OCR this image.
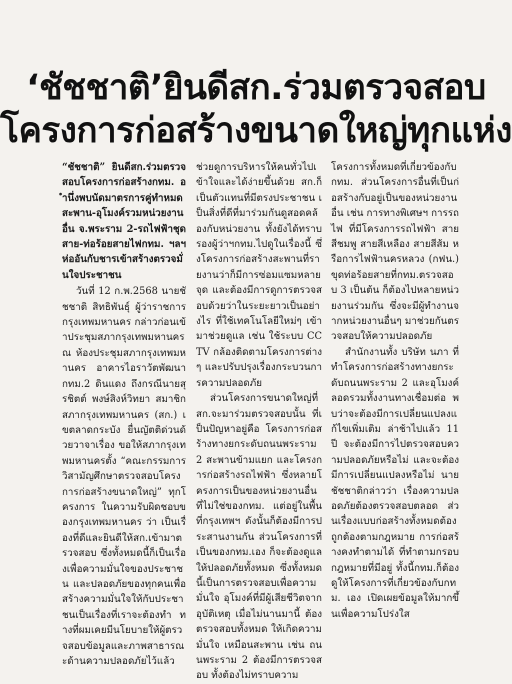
‘ชัชชาติ’ยินดีสก.ร่วมตรวจสอบ
โครงการก่อสร้างขนาดใหญ่ทุกแห่ง
“ชัชชาติ” ยินดีสก.ร่วมตรวจสอบโครงการก่อสร้างกทม. อำนึ่งพบนัดมาตรการคู่ทำหมด สะพาน-อุโมงค์รวมหน่วยงานอื่น จ.พระราม 2-รถไฟฟ้าชุดสาย-ท่อร้อยสายไฟกทม. ฯลฯ ห่ออันกับชารเข้าสร้างตรวจมั่นใจประชาชน
วันที่ 12 ก.พ.2568 นายชัชชาติ สิทธิพันธุ์ ผู้ว่าราชการกรุงเทพมหานคร กล่าวก่อนเข้าประชุมสภากรุงเทพมหานคร ณ ห้องประชุมสภากรุงเทพมหานคร อาคารไอราวัตพัฒนา กทม.2 ดินแดง ถึงกรณีนายสุรชิตต์ พงษ์สิงห์วิทยา สมาชิกสภากรุงเทพมหานคร (สก.) เขตลาดกระบัง ยื่นญัตติด่วนด้วยวาจาเรื่อง ขอให้สภากรุงเทพมหานครตั้ง “คณะกรรมการวิสามัญศึกษาตรวจสอบโครงการก่อสร้างขนาดใหญ่” ทุกโครงการ ในความรับผิดชอบของกรุงเทพมหานคร ว่า เป็นเรื่องที่ดีและยินดีให้สก.เข้ามาตรวจสอบ ซึ่งทั้งหมดนี้ก็เป็นเรื่องเพื่อความมั่นใจของประชาชน และปลอดภัยของทุกคนเพื่อสร้างความมั่นใจให้กับประชาชนเป็นเรื่องที่เราจะต้องทำ ทางที่ผมเคยมีนโยบายให้ผู้ตรวจสอบข้อมูลและภาพสาธารณะด้านความปลอดภัยไว้แล้ว
ช่วยดูการบริหารให้คนทั่วไปเข้าใจและได้ง่ายขึ้นด้วย สก.ก็เป็นตัวแทนที่มีตรงประชาชน เป็นสิ่งที่ดีที่มาร่วมกันดูสอดคล้องกับหน่วยงาน ทั้งยังได้ทราบรองผู้ว่าฯกทม.ไปดูในเรื่องนี้ ซึ่งโครงการก่อสร้างสะพานที่รายงานว่าก็มีการซ่อมแซมหลายจุด และต้องมีการดูการตรวจสอบด้วยว่าในระยะยาวเป็นอย่างไร ที่ใช้เทคโนโลยีใหม่ๆ เข้ามาช่วยดูแล เช่น ใช้ระบบ CCTV กล้องติดตามโครงการต่างๆ และปรับปรุงเรื่องกระบวนการความปลอดภัย
ส่วนโครงการขนาดใหญ่ที่ สก.จะมาร่วมตรวจสอบนั้น ที่เป็นปัญหาอยู่คือ โครงการก่อสร้างทางยกระดับถนนพระราม 2 สะพานข้ามแยก และโครงการก่อสร้างรถไฟฟ้า ซึ่งหลายโครงการเป็นของหน่วยงานอื่นที่ไม่ใช่ของกทม. แต่อยู่ในพื้นที่กรุงเทพฯ ดังนั้นก็ต้องมีการประสานงานกัน ส่วนโครงการที่เป็นของกทม.เอง ก็จะต้องดูแลให้ปลอดภัยทั้งหมด ซึ่งทั้งหมดนี้เป็นการตรวจสอบเพื่อความมั่นใจ อุโมงค์ที่มีผู้เสียชีวิตจากอุบัติเหตุ เมื่อไม่นานมานี้ ต้องตรวจสอบทั้งหมด ให้เกิดความมั่นใจ เหมือนสะพาน เช่น ถนนพระราม 2 ต้องมีการตรวจสอบ ทั้งต้องไม่ทราบความ
โครงการทั้งหมดที่เกี่ยวข้องกับกทม. ส่วนโครงการอื่นที่เป็นก่อสร้างกับอยู่เป็นของหน่วยงานอื่น เช่น การทางพิเศษฯ การรถไฟ ที่มีโครงการรถไฟฟ้า สายสีชมพู สายสีเหลือง สายสีส้ม หรือการไฟฟ้านครหลวง (กฟน.) ขุดท่อร้อยสายที่กทม.ตรวจสอบ 3 เป็นต้น ก็ต้องไปหลายหน่วยงานร่วมกัน ซึ่งจะมีผู้ทำงานจากหน่วยงานอื่นๆ มาช่วยกันตรวจสอบให้ความปลอดภัย
สำนักงานทั้ง บริษัท นภา ที่ทำโครงการก่อสร้างทางยกระดับถนนพระราม 2 และอุโมงค์ลอดรวมทั้งงานทางเชื่อมต่อ พบว่าจะต้องมีการเปลี่ยนแปลงแก้ไขเพิ่มเติม ล่าช้าไปแล้ว 11 ปี จะต้องมีการไปตรวจสอบความปลอดภัยหรือไม่ และจะต้องมีการเปลี่ยนแปลงหรือไม่ นายชัชชาติกล่าวว่า เรื่องความปลอดภัยต้องตรวจสอบตลอด ส่วนเรื่องแบบก่อสร้างทั้งหมดต้องถูกต้องตามกฎหมาย การก่อสร้างคงทำตามได้ ที่ทำตามกรอบกฎหมายที่มีอยู่ ทั้งนี้กทม.ก็ต้องดูให้โครงการที่เกี่ยวข้องกับกทม. เอง เปิดเผยข้อมูลให้มากขึ้นเพื่อความโปร่งใส
